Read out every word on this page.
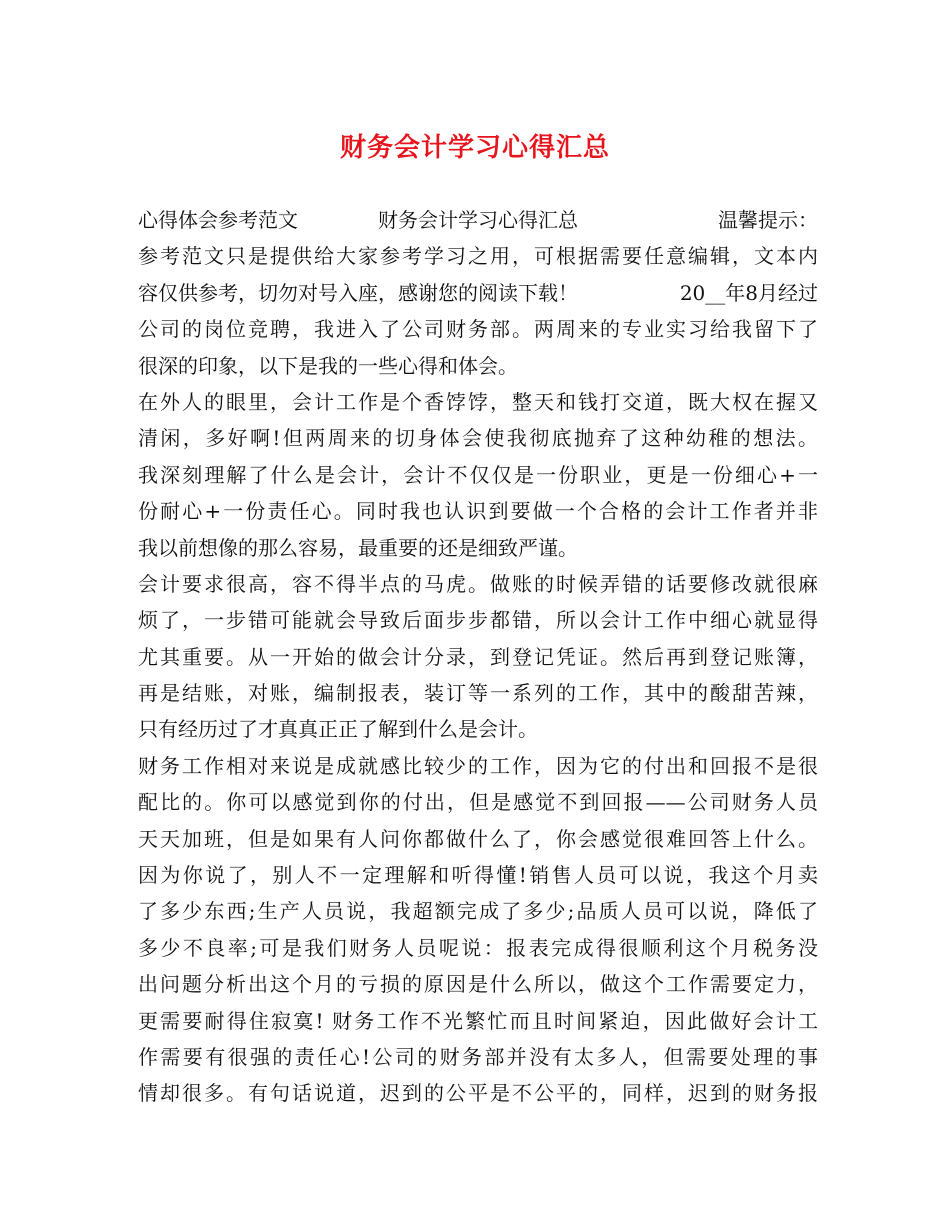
财务会计学习心得汇总
心得体会参考范文	财务会计学习心得汇总	温馨提示：
参考范文只是提供给大家参考学习之用，可根据需要任意编辑，文本内
容仅供参考，切勿对号入座，感谢您的阅读下载！	20__年8月经过
公司的岗位竞聘，我进入了公司财务部。两周来的专业实习给我留下了
很深的印象，以下是我的一些心得和体会。
在外人的眼里，会计工作是个香饽饽，整天和钱打交道，既大权在握又
清闲，多好啊!但两周来的切身体会使我彻底抛弃了这种幼稚的想法。
我深刻理解了什么是会计，会计不仅仅是一份职业，更是一份细心+一
份耐心+一份责任心。同时我也认识到要做一个合格的会计工作者并非
我以前想像的那么容易，最重要的还是细致严谨。
会计要求很高，容不得半点的马虎。做账的时候弄错的话要修改就很麻
烦了，一步错可能就会导致后面步步都错，所以会计工作中细心就显得
尤其重要。从一开始的做会计分录，到登记凭证。然后再到登记账簿，
再是结账，对账，编制报表，装订等一系列的工作，其中的酸甜苦辣，
只有经历过了才真真正正了解到什么是会计。
财务工作相对来说是成就感比较少的工作，因为它的付出和回报不是很
配比的。你可以感觉到你的付出，但是感觉不到回报——公司财务人员
天天加班，但是如果有人问你都做什么了，你会感觉很难回答上什么。
因为你说了，别人不一定理解和听得懂!销售人员可以说，我这个月卖
了多少东西;生产人员说，我超额完成了多少;品质人员可以说，降低了
多少不良率;可是我们财务人员呢说：报表完成得很顺利这个月税务没
出问题分析出这个月的亏损的原因是什么所以，做这个工作需要定力，
更需要耐得住寂寞! 财务工作不光繁忙而且时间紧迫，因此做好会计工
作需要有很强的责任心!公司的财务部并没有太多人，但需要处理的事
情却很多。有句话说道，迟到的公平是不公平的，同样，迟到的财务报
